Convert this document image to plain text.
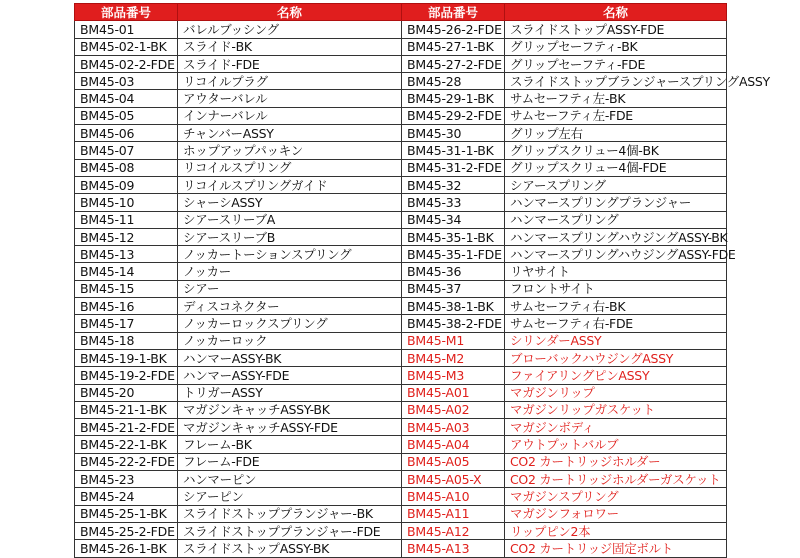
部品番号	名称	部品番号	名称
BM45-01	バレルブッシング	BM45-26-2-FDE	スライドストップASSY-FDE
BM45-02-1-BK	スライド-BK	BM45-27-1-BK	グリップセーフティ-BK
BM45-02-2-FDE	スライド-FDE	BM45-27-2-FDE	グリップセーフティ-FDE
BM45-03	リコイルプラグ	BM45-28	スライドストップブランジャースプリングASSY
BM45-04	アウターバレル	BM45-29-1-BK	サムセーフティ左-BK
BM45-05	インナーバレル	BM45-29-2-FDE	サムセーフティ左-FDE
BM45-06	チャンバーASSY	BM45-30	グリップ左右
BM45-07	ホップアップパッキン	BM45-31-1-BK	グリップスクリュー4個-BK
BM45-08	リコイルスプリング	BM45-31-2-FDE	グリップスクリュー4個-FDE
BM45-09	リコイルスプリングガイド	BM45-32	シアースプリング
BM45-10	シャーシASSY	BM45-33	ハンマースプリングプランジャー
BM45-11	シアースリーブA	BM45-34	ハンマースプリング
BM45-12	シアースリーブB	BM45-35-1-BK	ハンマースプリングハウジングASSY-BK
BM45-13	ノッカートーションスプリング	BM45-35-1-FDE	ハンマースプリングハウジングASSY-FDE
BM45-14	ノッカー	BM45-36	リヤサイト
BM45-15	シアー	BM45-37	フロントサイト
BM45-16	ディスコネクター	BM45-38-1-BK	サムセーフティ右-BK
BM45-17	ノッカーロックスプリング	BM45-38-2-FDE	サムセーフティ右-FDE
BM45-18	ノッカーロック	BM45-M1	シリンダーASSY
BM45-19-1-BK	ハンマーASSY-BK	BM45-M2	ブローバックハウジングASSY
BM45-19-2-FDE	ハンマーASSY-FDE	BM45-M3	ファイアリングピンASSY
BM45-20	トリガーASSY	BM45-A01	マガジンリップ
BM45-21-1-BK	マガジンキャッチASSY-BK	BM45-A02	マガジンリップガスケット
BM45-21-2-FDE	マガジンキャッチASSY-FDE	BM45-A03	マガジンボディ
BM45-22-1-BK	フレーム-BK	BM45-A04	アウトプットバルブ
BM45-22-2-FDE	フレーム-FDE	BM45-A05	CO2 カートリッジホルダー
BM45-23	ハンマーピン	BM45-A05-X	CO2 カートリッジホルダーガスケット
BM45-24	シアーピン	BM45-A10	マガジンスプリング
BM45-25-1-BK	スライドストッププランジャー-BK	BM45-A11	マガジンフォロワー
BM45-25-2-FDE	スライドストッププランジャー-FDE	BM45-A12	リップピン2本
BM45-26-1-BK	スライドストップASSY-BK	BM45-A13	CO2 カートリッジ固定ボルト
